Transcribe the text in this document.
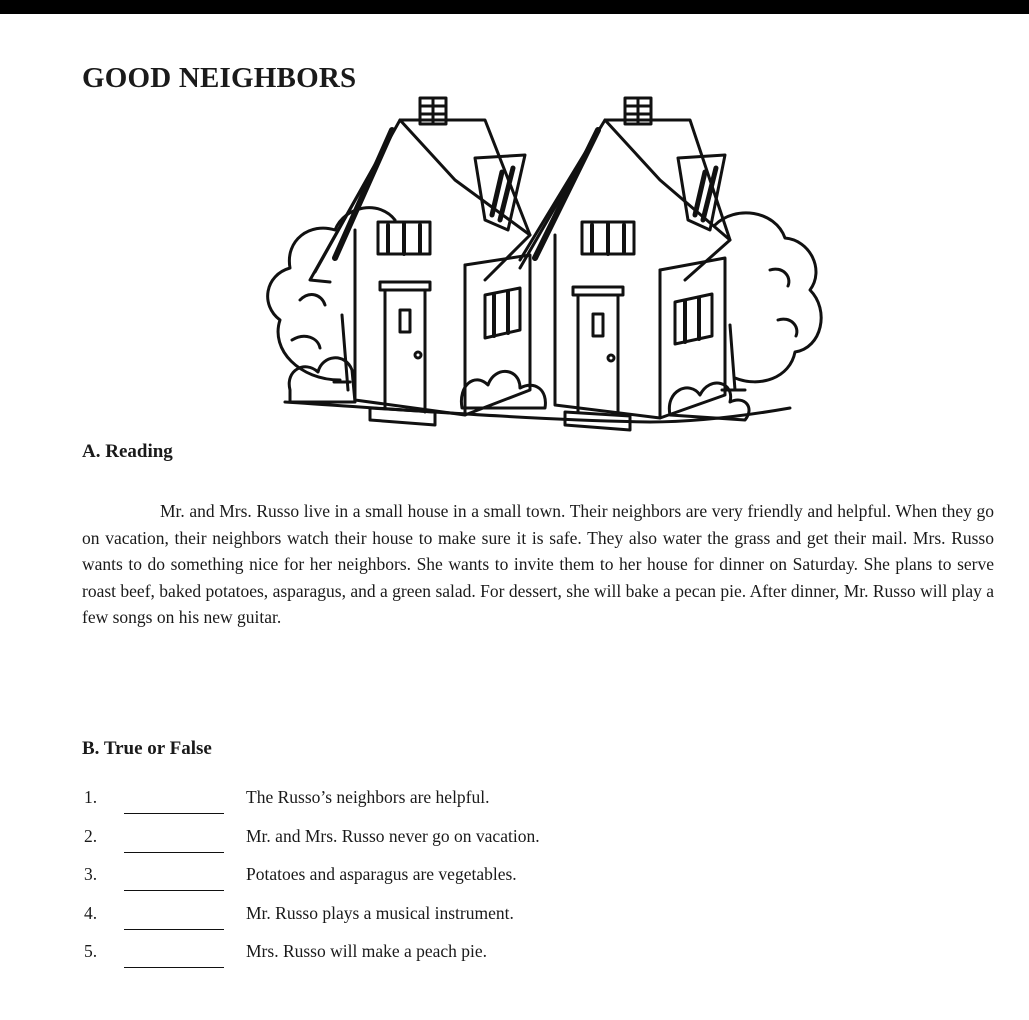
GOOD NEIGHBORS
A. Reading

Mr. and Mrs. Russo live in a small house in a small town. Their neighbors are very friendly and helpful. When they go on vacation, their neighbors watch their house to make sure it is safe. They also water the grass and get their mail. Mrs. Russo wants to do something nice for her neighbors. She wants to invite them to her house for dinner on Saturday. She plans to serve roast beef, baked potatoes, asparagus, and a green salad. For dessert, she will bake a pecan pie. After dinner, Mr. Russo will play a few songs on his new guitar.

B. True or False
1.	The Russo’s neighbors are helpful.
2.	Mr. and Mrs. Russo never go on vacation.
3.	Potatoes and asparagus are vegetables.
4.	Mr. Russo plays a musical instrument.
5.	Mrs. Russo will make a peach pie.
